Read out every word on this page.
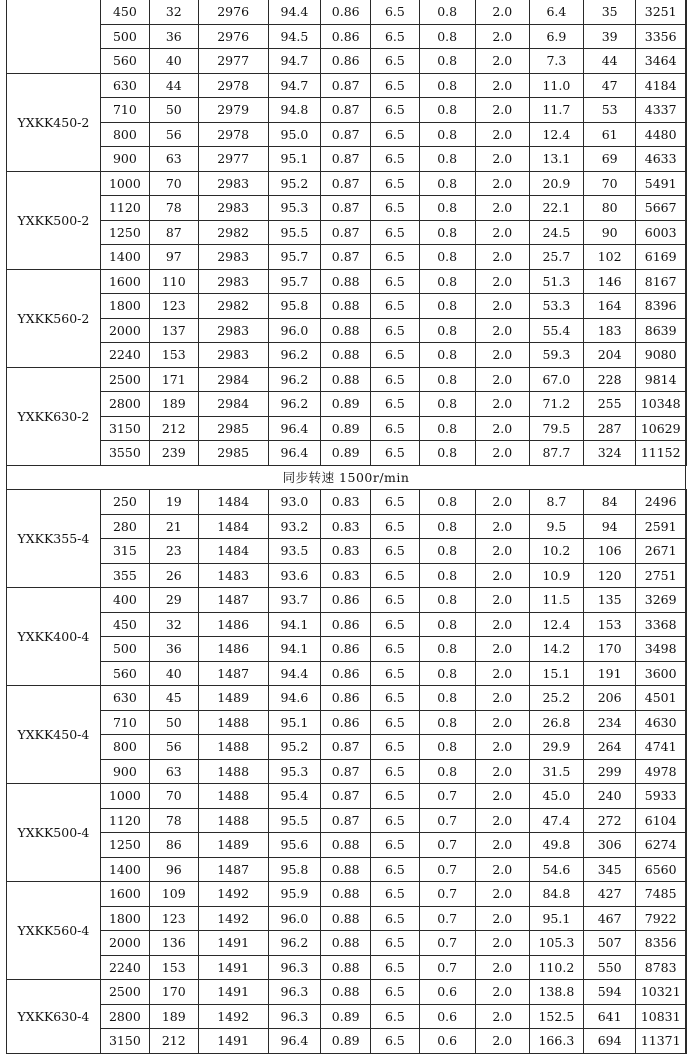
	450	32	2976	94.4	0.86	6.5	0.8	2.0	6.4	35	3251	
	500	36	2976	94.5	0.86	6.5	0.8	2.0	6.9	39	3356	
	560	40	2977	94.7	0.86	6.5	0.8	2.0	7.3	44	3464	
YXKK450-2	630	44	2978	94.7	0.87	6.5	0.8	2.0	11.0	47	4184	
	710	50	2979	94.8	0.87	6.5	0.8	2.0	11.7	53	4337	
	800	56	2978	95.0	0.87	6.5	0.8	2.0	12.4	61	4480	
	900	63	2977	95.1	0.87	6.5	0.8	2.0	13.1	69	4633	
YXKK500-2	1000	70	2983	95.2	0.87	6.5	0.8	2.0	20.9	70	5491	
	1120	78	2983	95.3	0.87	6.5	0.8	2.0	22.1	80	5667	
	1250	87	2982	95.5	0.87	6.5	0.8	2.0	24.5	90	6003	
	1400	97	2983	95.7	0.87	6.5	0.8	2.0	25.7	102	6169	
YXKK560-2	1600	110	2983	95.7	0.88	6.5	0.8	2.0	51.3	146	8167	
	1800	123	2982	95.8	0.88	6.5	0.8	2.0	53.3	164	8396	
	2000	137	2983	96.0	0.88	6.5	0.8	2.0	55.4	183	8639	
	2240	153	2983	96.2	0.88	6.5	0.8	2.0	59.3	204	9080	
YXKK630-2	2500	171	2984	96.2	0.88	6.5	0.8	2.0	67.0	228	9814	
	2800	189	2984	96.2	0.89	6.5	0.8	2.0	71.2	255	10348	
	3150	212	2985	96.4	0.89	6.5	0.8	2.0	79.5	287	10629	
	3550	239	2985	96.4	0.89	6.5	0.8	2.0	87.7	324	11152	
同步转速 1500r/min												
YXKK355-4	250	19	1484	93.0	0.83	6.5	0.8	2.0	8.7	84	2496	
	280	21	1484	93.2	0.83	6.5	0.8	2.0	9.5	94	2591	
	315	23	1484	93.5	0.83	6.5	0.8	2.0	10.2	106	2671	
	355	26	1483	93.6	0.83	6.5	0.8	2.0	10.9	120	2751	
YXKK400-4	400	29	1487	93.7	0.86	6.5	0.8	2.0	11.5	135	3269	
	450	32	1486	94.1	0.86	6.5	0.8	2.0	12.4	153	3368	
	500	36	1486	94.1	0.86	6.5	0.8	2.0	14.2	170	3498	
	560	40	1487	94.4	0.86	6.5	0.8	2.0	15.1	191	3600	
YXKK450-4	630	45	1489	94.6	0.86	6.5	0.8	2.0	25.2	206	4501	
	710	50	1488	95.1	0.86	6.5	0.8	2.0	26.8	234	4630	
	800	56	1488	95.2	0.87	6.5	0.8	2.0	29.9	264	4741	
	900	63	1488	95.3	0.87	6.5	0.8	2.0	31.5	299	4978	
YXKK500-4	1000	70	1488	95.4	0.87	6.5	0.7	2.0	45.0	240	5933	
	1120	78	1488	95.5	0.87	6.5	0.7	2.0	47.4	272	6104	
	1250	86	1489	95.6	0.88	6.5	0.7	2.0	49.8	306	6274	
	1400	96	1487	95.8	0.88	6.5	0.7	2.0	54.6	345	6560	
YXKK560-4	1600	109	1492	95.9	0.88	6.5	0.7	2.0	84.8	427	7485	
	1800	123	1492	96.0	0.88	6.5	0.7	2.0	95.1	467	7922	
	2000	136	1491	96.2	0.88	6.5	0.7	2.0	105.3	507	8356	
	2240	153	1491	96.3	0.88	6.5	0.7	2.0	110.2	550	8783	
YXKK630-4	2500	170	1491	96.3	0.88	6.5	0.6	2.0	138.8	594	10321	
	2800	189	1492	96.3	0.89	6.5	0.6	2.0	152.5	641	10831	
	3150	212	1491	96.4	0.89	6.5	0.6	2.0	166.3	694	11371	
